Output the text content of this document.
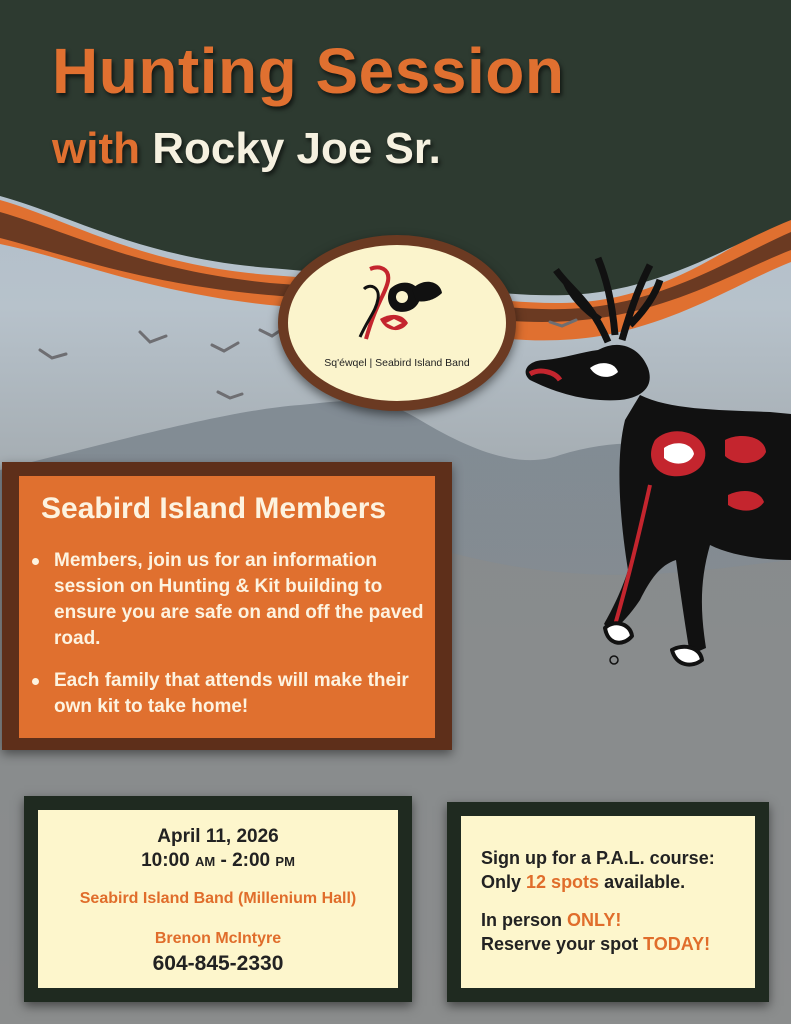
Hunting Session
with Rocky Joe Sr.
Sq'éwqel | Seabird Island Band
Seabird Island Members
Members, join us for an information session on Hunting & Kit building to ensure you are safe on and off the paved road.
Each family that attends will make their own kit to take home!
April 11, 2026
10:00 AM - 2:00 PM
Seabird Island Band (Millenium Hall)
Brenon McIntyre
604-845-2330
Sign up for a P.A.L. course:
Only 12 spots available.
In person ONLY!
Reserve your spot TODAY!
